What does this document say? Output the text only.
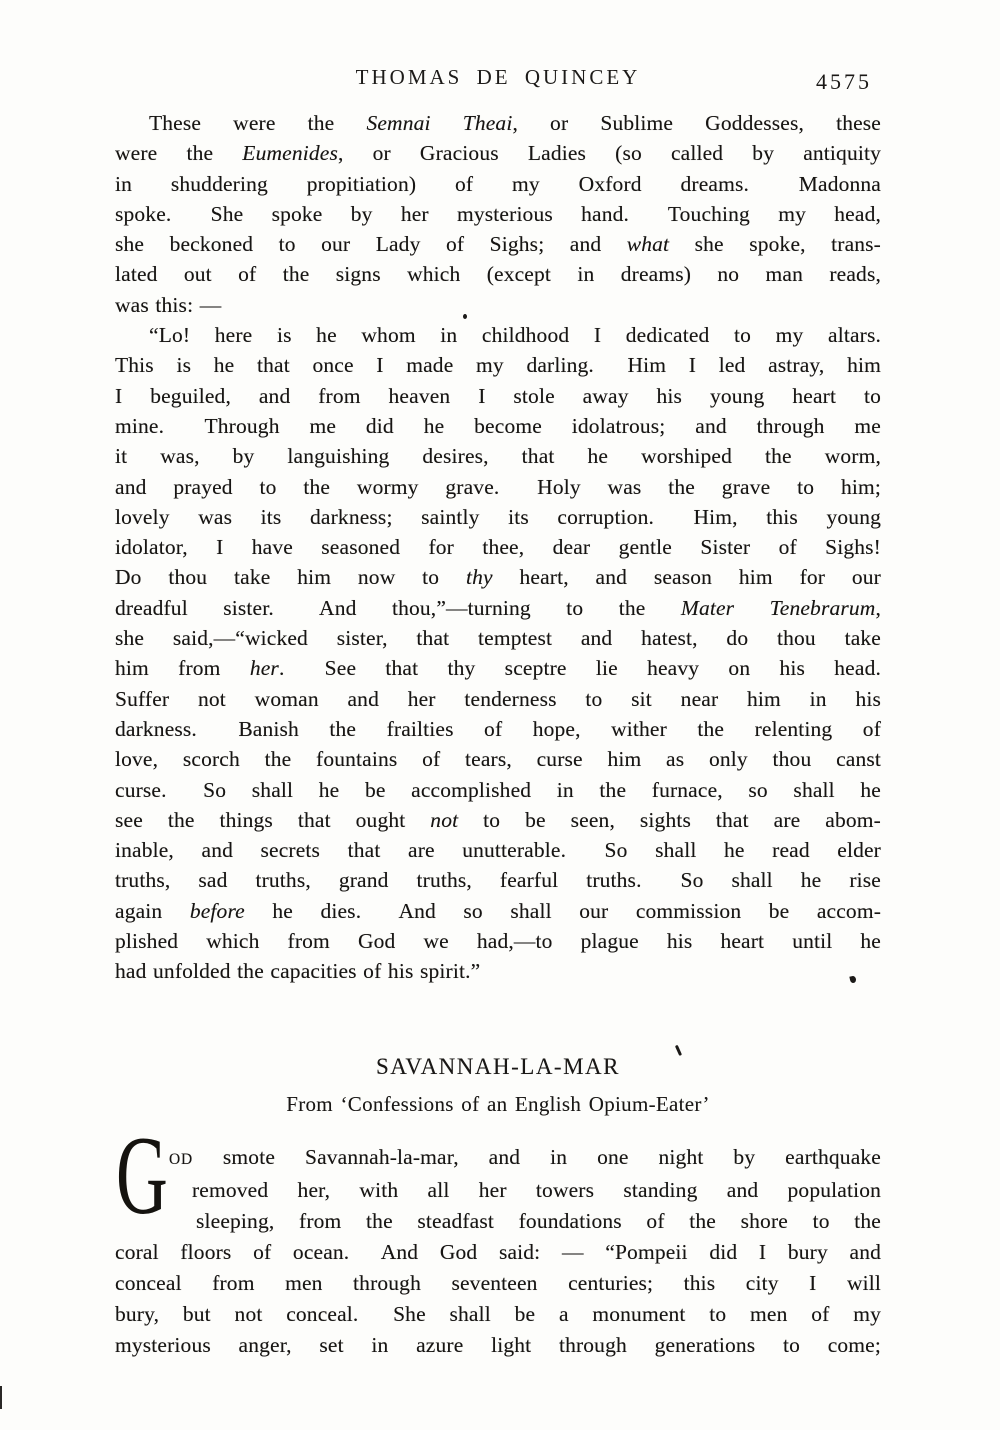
THOMAS DE QUINCEY	4575
These were the Semnai Theai, or Sublime Goddesses, these
were the Eumenides, or Gracious Ladies (so called by antiquity
in shuddering propitiation) of my Oxford dreams.  Madonna
spoke.  She spoke by her mysterious hand.  Touching my head,
she beckoned to our Lady of Sighs; and what she spoke, trans-
lated out of the signs which (except in dreams) no man reads,
was this: —
“Lo! here is he whom in childhood I dedicated to my altars.
This is he that once I made my darling.  Him I led astray, him
I beguiled, and from heaven I stole away his young heart to
mine.  Through me did he become idolatrous; and through me
it was, by languishing desires, that he worshiped the worm,
and prayed to the wormy grave.  Holy was the grave to him;
lovely was its darkness; saintly its corruption.  Him, this young
idolator, I have seasoned for thee, dear gentle Sister of Sighs!
Do thou take him now to thy heart, and season him for our
dreadful sister.  And thou,”—turning to the Mater Tenebrarum,
she said,—“wicked sister, that temptest and hatest, do thou take
him from her.  See that thy sceptre lie heavy on his head.
Suffer not woman and her tenderness to sit near him in his
darkness.  Banish the frailties of hope, wither the relenting of
love, scorch the fountains of tears, curse him as only thou canst
curse.  So shall he be accomplished in the furnace, so shall he
see the things that ought not to be seen, sights that are abom-
inable, and secrets that are unutterable.  So shall he read elder
truths, sad truths, grand truths, fearful truths.  So shall he rise
again before he dies.  And so shall our commission be accom-
plished which from God we had,—to plague his heart until he
had unfolded the capacities of his spirit.”
SAVANNAH-LA-MAR
From ‘Confessions of an English Opium-Eater’
OD smote Savannah-la-mar, and in one night by earthquake
removed her, with all her towers standing and population
sleeping, from the steadfast foundations of the shore to the
coral floors of ocean.  And God said: — “Pompeii did I bury and
conceal from men through seventeen centuries; this city I will
bury, but not conceal.  She shall be a monument to men of my
mysterious anger, set in azure light through generations to come;
G
